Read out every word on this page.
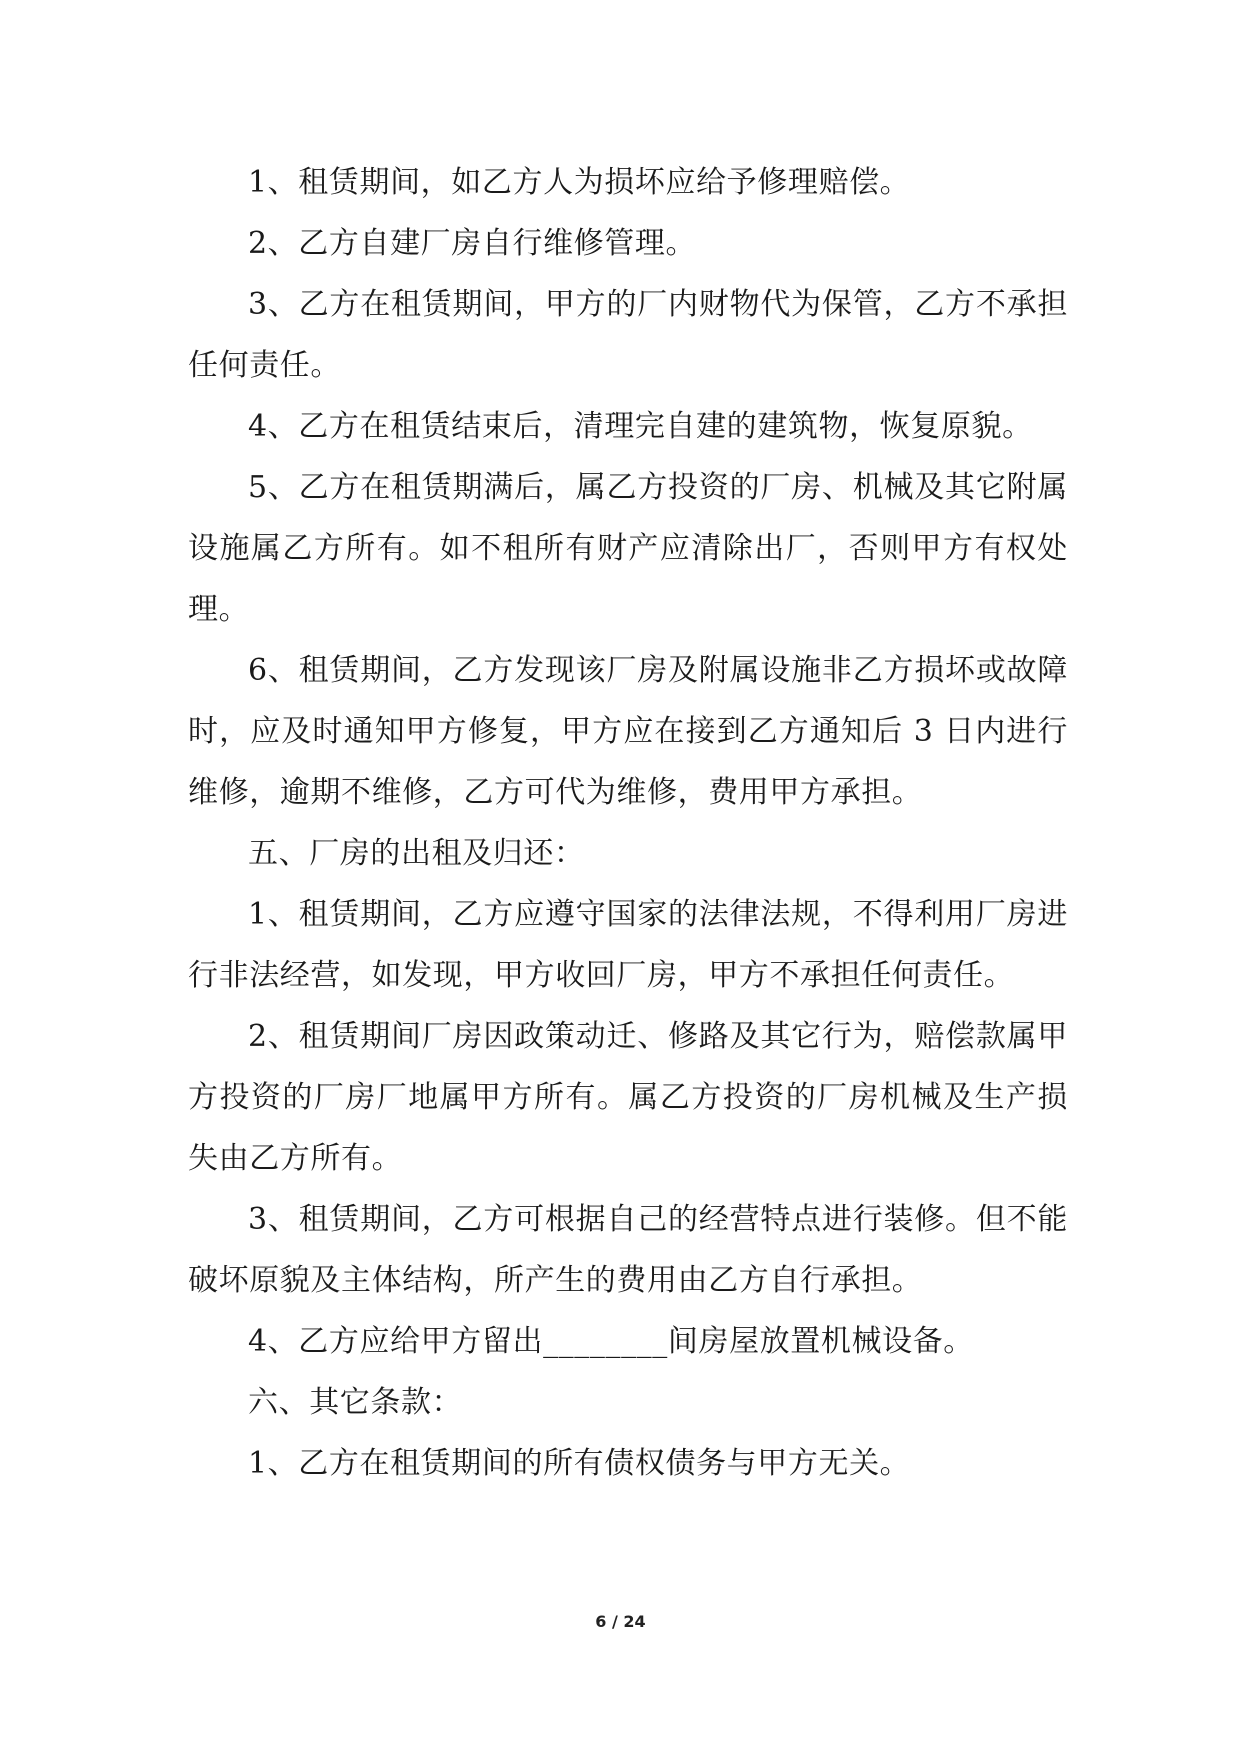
1、租赁期间，如乙方人为损坏应给予修理赔偿。

2、乙方自建厂房自行维修管理。

3、乙方在租赁期间，甲方的厂内财物代为保管，乙方不承担任何责任。

4、乙方在租赁结束后，清理完自建的建筑物，恢复原貌。

5、乙方在租赁期满后，属乙方投资的厂房、机械及其它附属设施属乙方所有。如不租所有财产应清除出厂，否则甲方有权处理。

6、租赁期间，乙方发现该厂房及附属设施非乙方损坏或故障时，应及时通知甲方修复，甲方应在接到乙方通知后 3 日内进行维修，逾期不维修，乙方可代为维修，费用甲方承担。

五、厂房的出租及归还：

1、租赁期间，乙方应遵守国家的法律法规，不得利用厂房进行非法经营，如发现，甲方收回厂房，甲方不承担任何责任。

2、租赁期间厂房因政策动迁、修路及其它行为，赔偿款属甲方投资的厂房厂地属甲方所有。属乙方投资的厂房机械及生产损失由乙方所有。

3、租赁期间，乙方可根据自己的经营特点进行装修。但不能破坏原貌及主体结构，所产生的费用由乙方自行承担。

4、乙方应给甲方留出________间房屋放置机械设备。

六、其它条款：

1、乙方在租赁期间的所有债权债务与甲方无关。

6 / 24
